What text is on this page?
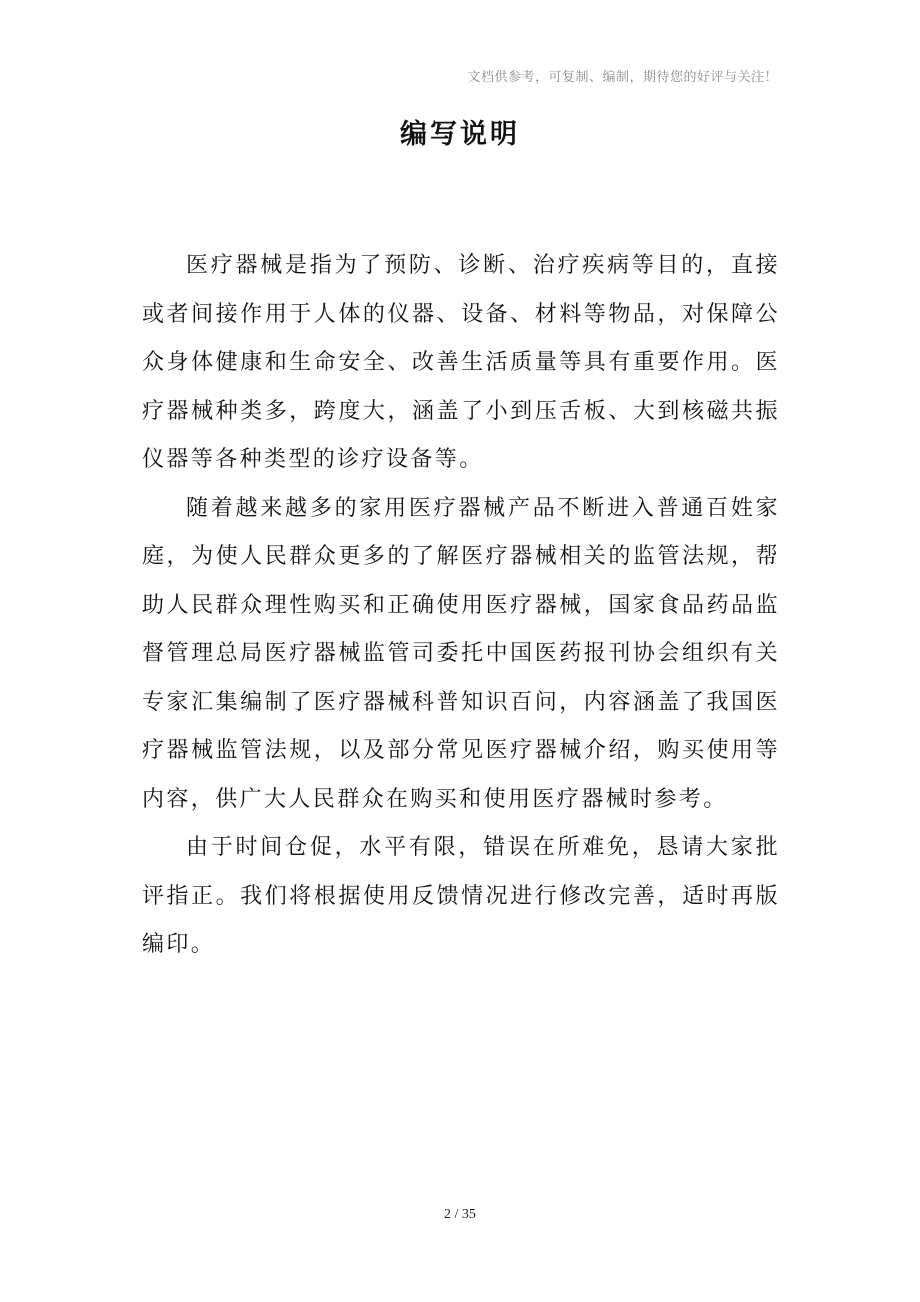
文档供参考，可复制、编制，期待您的好评与关注！
编写说明

医疗器械是指为了预防、诊断、治疗疾病等目的，直接或者间接作用于人体的仪器、设备、材料等物品，对保障公众身体健康和生命安全、改善生活质量等具有重要作用。医疗器械种类多，跨度大，涵盖了小到压舌板、大到核磁共振仪器等各种类型的诊疗设备等。

随着越来越多的家用医疗器械产品不断进入普通百姓家庭，为使人民群众更多的了解医疗器械相关的监管法规，帮助人民群众理性购买和正确使用医疗器械，国家食品药品监督管理总局医疗器械监管司委托中国医药报刊协会组织有关专家汇集编制了医疗器械科普知识百问，内容涵盖了我国医疗器械监管法规，以及部分常见医疗器械介绍，购买使用等内容，供广大人民群众在购买和使用医疗器械时参考。

由于时间仓促，水平有限，错误在所难免，恳请大家批评指正。我们将根据使用反馈情况进行修改完善，适时再版编印。

2 / 35
